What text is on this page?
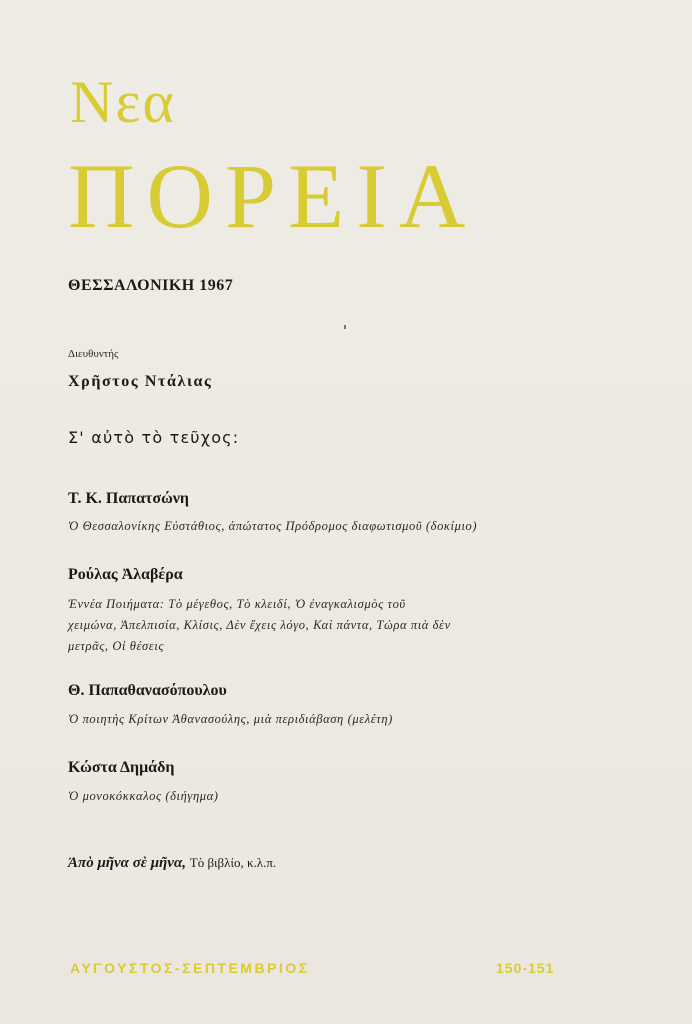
Νεα
ΠΟΡΕΙΑ
ΘΕΣΣΑΛΟΝΙΚΗ 1967
Διευθυντής
Χρῆστος Ντάλιας
Σ' αὐτὸ τὸ τεῦχος:
Τ. Κ. Παπατσώνη
Ὁ Θεσσαλονίκης Εὐστάθιος, ἀπώτατος Πρόδρομος διαφωτισμοῦ (δοκίμιο)
Ρούλας Ἀλαβέρα
Ἐννέα Ποιήματα: Τὸ μέγεθος, Τὸ κλειδί, Ὁ ἐναγκαλισμὸς τοῦ
χειμώνα, Ἀπελπισία, Κλίσις, Δὲν ἔχεις λόγο, Καὶ πάντα, Τώρα πιὰ δὲν
μετρᾶς, Οἱ θέσεις
Θ. Παπαθανασόπουλου
Ὁ ποιητὴς Κρίτων Ἀθανασούλης, μιὰ περιδιάβαση (μελέτη)
Κώστα Δημάδη
Ὁ μονοκόκκαλος (διήγημα)
Ἀπὸ μῆνα σὲ μῆνα, Τὸ βιβλίο, κ.λ.π.
ΑΥΓΟΥΣΤΟΣ-ΣΕΠΤΕΜΒΡΙΟΣ	150-151
